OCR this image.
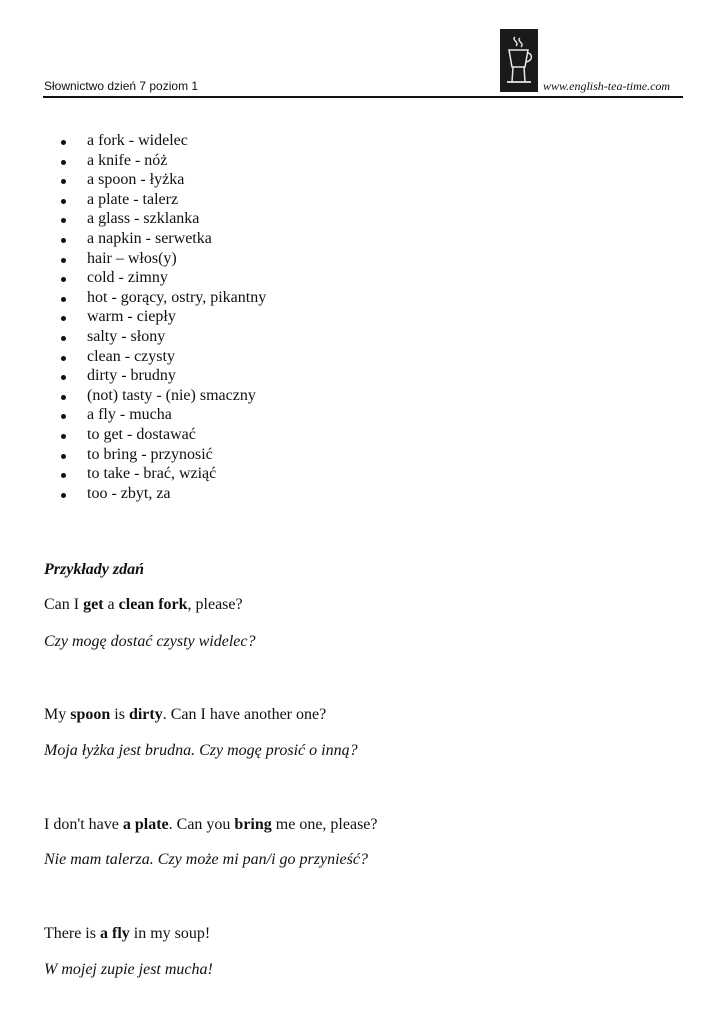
Słownictwo dzień 7 poziom 1	www.english-tea-time.com
a fork - widelec
a knife - nóż
a spoon - łyżka
a plate - talerz
a glass - szklanka
a napkin - serwetka
hair – włos(y)
cold - zimny
hot - gorący, ostry, pikantny
warm - ciepły
salty - słony
clean - czysty
dirty - brudny
(not) tasty - (nie) smaczny
a fly - mucha
to get - dostawać
to bring - przynosić
to take - brać, wziąć
too - zbyt, za
Przykłady zdań
Can I get a clean fork, please?
Czy mogę dostać czysty widelec?
My spoon is dirty. Can I have another one?
Moja łyżka jest brudna. Czy mogę prosić o inną?
I don't have a plate. Can you bring me one, please?
Nie mam talerza. Czy może mi pan/i go przynieść?
There is a fly in my soup!
W mojej zupie jest mucha!
